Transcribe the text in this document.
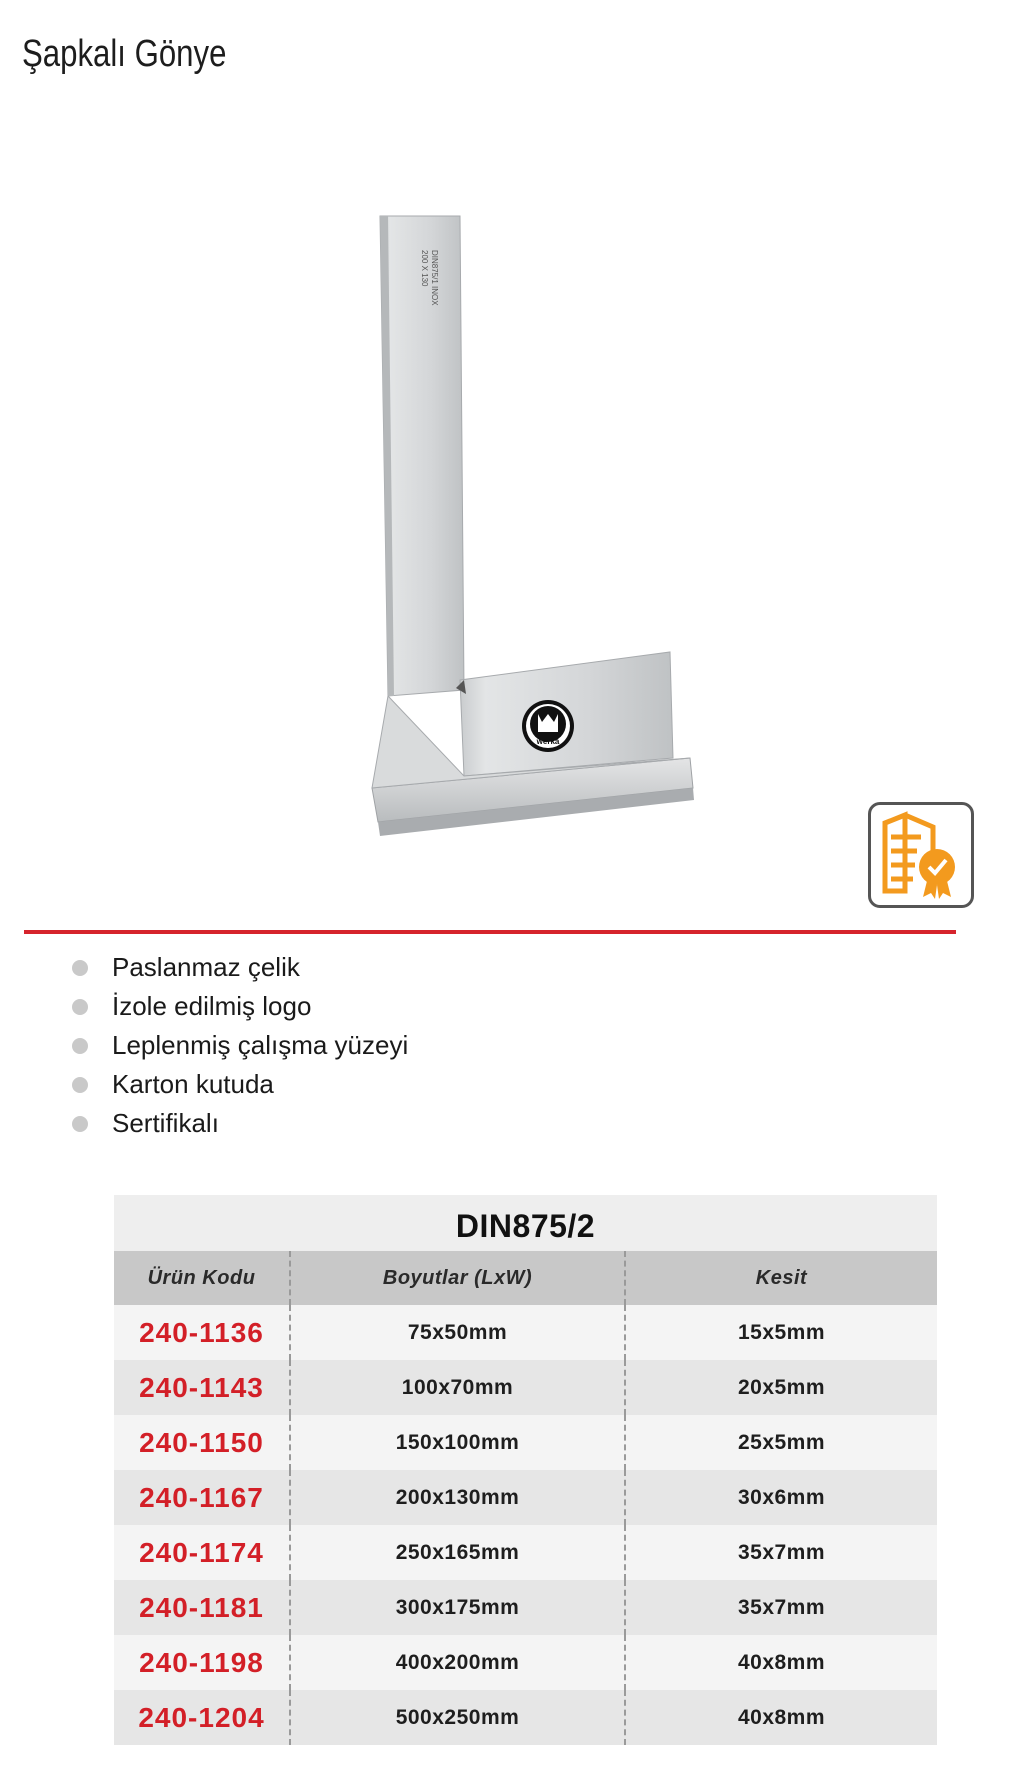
Şapkalı Gönye
200 X 130 DIN875/1 INOX
werka
Paslanmaz çelik
İzole edilmiş logo
Leplenmiş çalışma yüzeyi
Karton kutuda
Sertifikalı
DIN875/2
Ürün Kodu	Boyutlar (LxW)	Kesit
240-1136	75x50mm	15x5mm
240-1143	100x70mm	20x5mm
240-1150	150x100mm	25x5mm
240-1167	200x130mm	30x6mm
240-1174	250x165mm	35x7mm
240-1181	300x175mm	35x7mm
240-1198	400x200mm	40x8mm
240-1204	500x250mm	40x8mm
